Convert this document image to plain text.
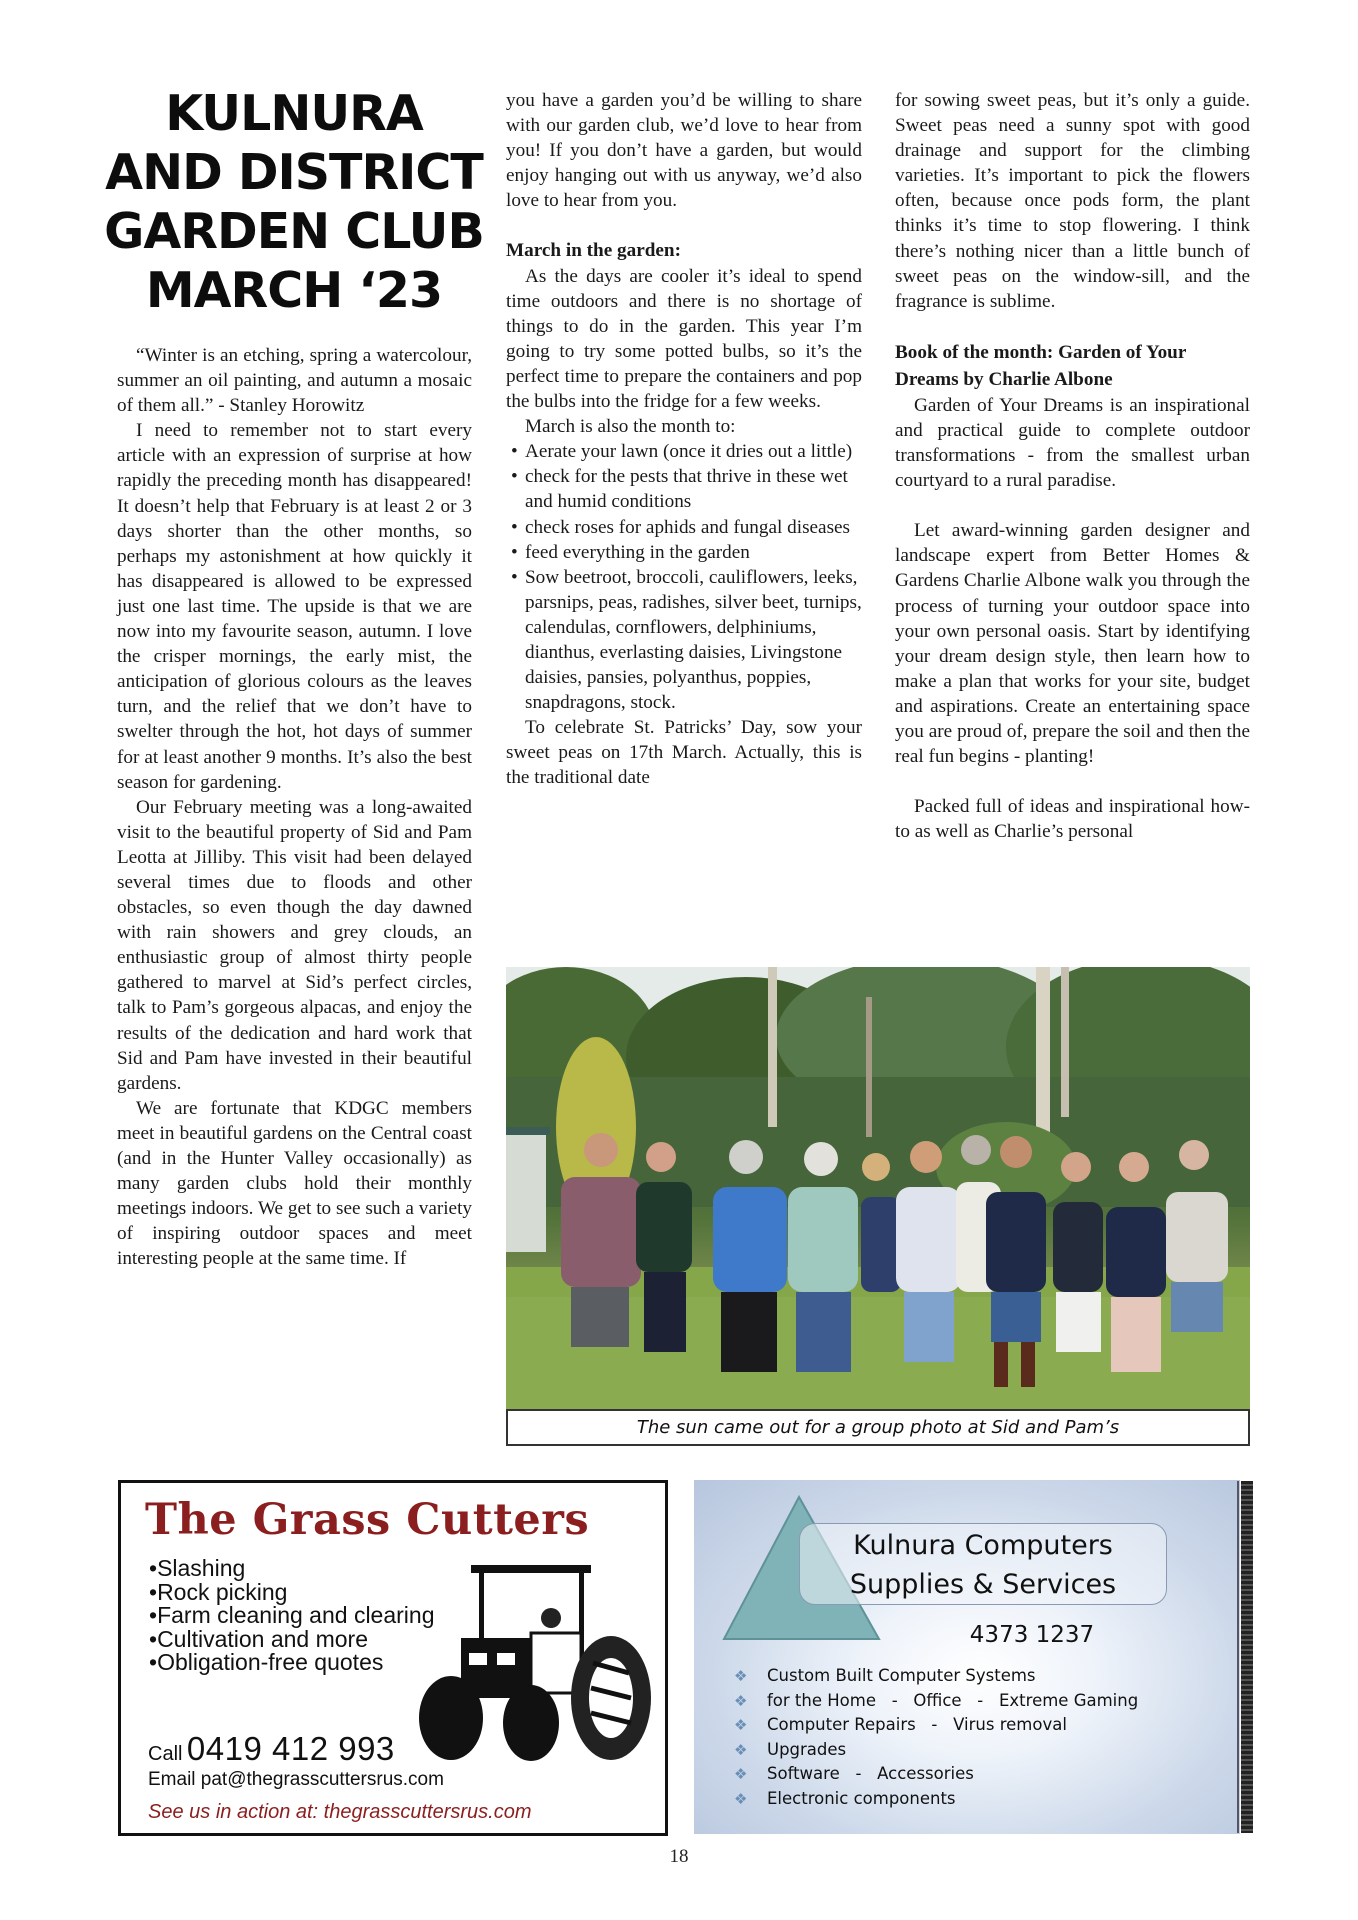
KULNURA
AND DISTRICT
GARDEN CLUB
MARCH ‘23

“Winter is an etching, spring a watercolour, summer an oil painting, and autumn a mosaic of them all.” - Stanley Horowitz

I need to remember not to start every article with an expression of surprise at how rapidly the preceding month has disappeared! It doesn’t help that February is at least 2 or 3 days shorter than the other months, so perhaps my astonishment at how quickly it has disappeared is allowed to be expressed just one last time. The upside is that we are now into my favourite season, autumn. I love the crisper mornings, the early mist, the anticipation of glorious colours as the leaves turn, and the relief that we don’t have to swelter through the hot, hot days of summer for at least another 9 months. It’s also the best season for gardening.

Our February meeting was a long-awaited visit to the beautiful property of Sid and Pam Leotta at Jilliby. This visit had been delayed several times due to floods and other obstacles, so even though the day dawned with rain showers and grey clouds, an enthusiastic group of almost thirty people gathered to marvel at Sid’s perfect circles, talk to Pam’s gorgeous alpacas, and enjoy the results of the dedication and hard work that Sid and Pam have invested in their beautiful gardens.

We are fortunate that KDGC members meet in beautiful gardens on the Central coast (and in the Hunter Valley occasionally) as many garden clubs hold their monthly meetings indoors. We get to see such a variety of inspiring outdoor spaces and meet interesting people at the same time. If

you have a garden you’d be willing to share with our garden club, we’d love to hear from you! If you don’t have a garden, but would enjoy hanging out with us anyway, we’d also love to hear from you.

March in the garden:

As the days are cooler it’s ideal to spend time outdoors and there is no shortage of things to do in the garden. This year I’m going to try some potted bulbs, so it’s the perfect time to prepare the containers and pop the bulbs into the fridge for a few weeks.

March is also the month to:

• Aerate your lawn (once it dries out a little)
• check for the pests that thrive in these wet and humid conditions
• check roses for aphids and fungal diseases
• feed everything in the garden
• Sow beetroot, broccoli, cauliflowers, leeks, parsnips, peas, radishes, silver beet, turnips, calendulas, cornflowers, delphiniums, dianthus, everlasting daisies, Livingstone daisies, pansies, polyanthus, poppies, snapdragons, stock.

To celebrate St. Patricks’ Day, sow your sweet peas on 17th March. Actually, this is the traditional date

for sowing sweet peas, but it’s only a guide. Sweet peas need a sunny spot with good drainage and support for the climbing varieties. It’s important to pick the flowers often, because once pods form, the plant thinks it’s time to stop flowering. I think there’s nothing nicer than a little bunch of sweet peas on the window-sill, and the fragrance is sublime.

Book of the month: Garden of Your Dreams by Charlie Albone

Garden of Your Dreams is an inspirational and practical guide to complete outdoor transformations - from the smallest urban courtyard to a rural paradise.

Let award-winning garden designer and landscape expert from Better Homes & Gardens Charlie Albone walk you through the process of turning your outdoor space into your own personal oasis. Start by identifying your dream design style, then learn how to make a plan that works for your site, budget and aspirations. Create an entertaining space you are proud of, prepare the soil and then the real fun begins - planting!

Packed full of ideas and inspirational how-to as well as Charlie’s personal

The sun came out for a group photo at Sid and Pam’s
The Grass Cutters
• Slashing
• Rock picking
• Farm cleaning and clearing
• Cultivation and more
• Obligation-free quotes
Call 0419 412 993
Email pat@thegrasscuttersrus.com
See us in action at: thegrasscuttersrus.com
Kulnura Computers
Supplies & Services
4373 1237
❖ Custom Built Computer Systems
❖ for the Home   -   Office   -   Extreme Gaming
❖ Computer Repairs   -   Virus removal
❖ Upgrades
❖ Software   -   Accessories
❖ Electronic components
18
